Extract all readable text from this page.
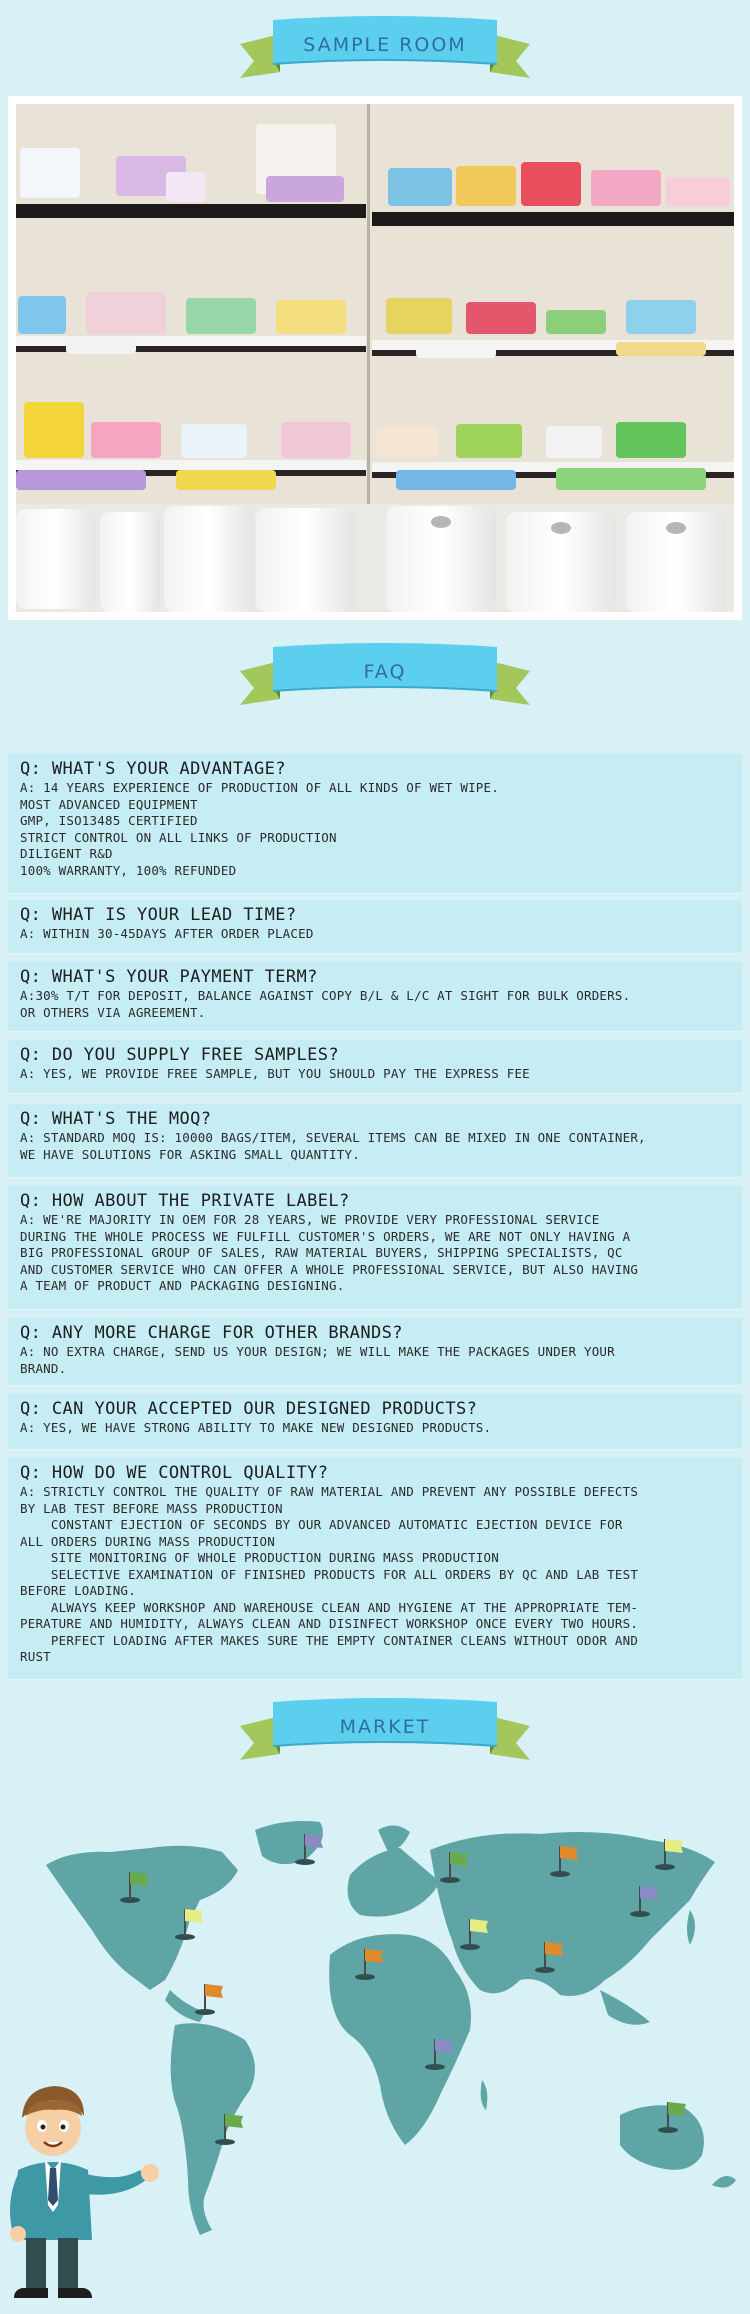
SAMPLE ROOM
FAQ
Q: WHAT'S YOUR ADVANTAGE?
A: 14 YEARS EXPERIENCE OF PRODUCTION OF ALL KINDS OF WET WIPE.
MOST ADVANCED EQUIPMENT
GMP, ISO13485 CERTIFIED
STRICT CONTROL ON ALL LINKS OF PRODUCTION
DILIGENT R&D
100% WARRANTY, 100% REFUNDED
Q: WHAT IS YOUR LEAD TIME?
A: WITHIN 30-45DAYS AFTER ORDER PLACED
Q: WHAT'S YOUR PAYMENT TERM?
A:30% T/T FOR DEPOSIT, BALANCE AGAINST COPY B/L & L/C AT SIGHT FOR BULK ORDERS.
OR OTHERS VIA AGREEMENT.
Q: DO YOU SUPPLY FREE SAMPLES?
A: YES, WE PROVIDE FREE SAMPLE, BUT YOU SHOULD PAY THE EXPRESS FEE
Q: WHAT'S THE MOQ?
A: STANDARD MOQ IS: 10000 BAGS/ITEM, SEVERAL ITEMS CAN BE MIXED IN ONE CONTAINER,
WE HAVE SOLUTIONS FOR ASKING SMALL QUANTITY.
Q: HOW ABOUT THE PRIVATE LABEL?
A: WE'RE MAJORITY IN OEM FOR 28 YEARS, WE PROVIDE VERY PROFESSIONAL SERVICE
DURING THE WHOLE PROCESS WE FULFILL CUSTOMER'S ORDERS, WE ARE NOT ONLY HAVING A
BIG PROFESSIONAL GROUP OF SALES, RAW MATERIAL BUYERS, SHIPPING SPECIALISTS, QC
AND CUSTOMER SERVICE WHO CAN OFFER A WHOLE PROFESSIONAL SERVICE, BUT ALSO HAVING
A TEAM OF PRODUCT AND PACKAGING DESIGNING.
Q: ANY MORE CHARGE FOR OTHER BRANDS?
A: NO EXTRA CHARGE, SEND US YOUR DESIGN; WE WILL MAKE THE PACKAGES UNDER YOUR
BRAND.
Q: CAN YOUR ACCEPTED OUR DESIGNED PRODUCTS?
A: YES, WE HAVE STRONG ABILITY TO MAKE NEW DESIGNED PRODUCTS.
Q: HOW DO WE CONTROL QUALITY?
A: STRICTLY CONTROL THE QUALITY OF RAW MATERIAL AND PREVENT ANY POSSIBLE DEFECTS
BY LAB TEST BEFORE MASS PRODUCTION
CONSTANT EJECTION OF SECONDS BY OUR ADVANCED AUTOMATIC EJECTION DEVICE FOR
ALL ORDERS DURING MASS PRODUCTION
SITE MONITORING OF WHOLE PRODUCTION DURING MASS PRODUCTION
SELECTIVE EXAMINATION OF FINISHED PRODUCTS FOR ALL ORDERS BY QC AND LAB TEST
BEFORE LOADING.
ALWAYS KEEP WORKSHOP AND WAREHOUSE CLEAN AND HYGIENE AT THE APPROPRIATE TEM-
PERATURE AND HUMIDITY, ALWAYS CLEAN AND DISINFECT WORKSHOP ONCE EVERY TWO HOURS.
PERFECT LOADING AFTER MAKES SURE THE EMPTY CONTAINER CLEANS WITHOUT ODOR AND
RUST
MARKET
